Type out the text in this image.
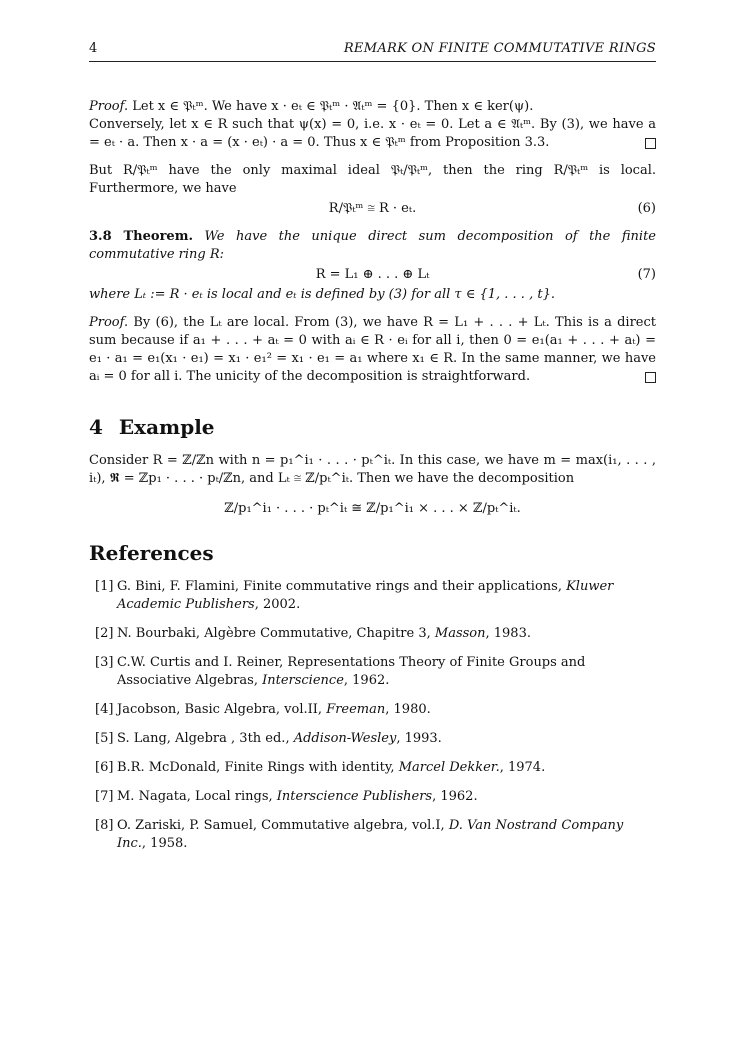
4	REMARK ON FINITE COMMUTATIVE RINGS

Proof. Let x ∈ 𝔓ₜᵐ. We have x · eₜ ∈ 𝔓ₜᵐ · 𝔄ₜᵐ = {0}. Then x ∈ ker(ψ).

Conversely, let x ∈ R such that ψ(x) = 0, i.e. x · eₜ = 0. Let a ∈ 𝔄ₜᵐ. By (3), we have a = eₜ · a. Then x · a = (x · eₜ) · a = 0. Thus x ∈ 𝔓ₜᵐ from Proposition 3.3.

But R/𝔓ₜᵐ have the only maximal ideal 𝔓ₜ/𝔓ₜᵐ, then the ring R/𝔓ₜᵐ is local. Furthermore, we have

R/𝔓ₜᵐ ≅ R · eₜ.	(6)

3.8 Theorem. We have the unique direct sum decomposition of the finite commutative ring R:

R = L₁ ⊕ . . . ⊕ Lₜ	(7)

where Lₜ := R · eₜ is local and eₜ is defined by (3) for all τ ∈ {1, . . . , t}.

Proof. By (6), the Lₜ are local. From (3), we have R = L₁ + . . . + Lₜ. This is a direct sum because if a₁ + . . . + aₜ = 0 with aᵢ ∈ R · eᵢ for all i, then 0 = e₁(a₁ + . . . + aₜ) = e₁ · a₁ = e₁(x₁ · e₁) = x₁ · e₁² = x₁ · e₁ = a₁ where x₁ ∈ R. In the same manner, we have aᵢ = 0 for all i. The unicity of the decomposition is straightforward.

4 Example

Consider R = ℤ/ℤn with n = p₁^i₁ · . . . · pₜ^iₜ. In this case, we have m = max(i₁, . . . , iₜ), 𝕽 = ℤp₁ · . . . · pₜ/ℤn, and Lₜ ≅ ℤ/pₜ^iₜ. Then we have the decomposition

ℤ/p₁^i₁ · . . . · pₜ^iₜ ≅ ℤ/p₁^i₁ × . . . × ℤ/pₜ^iₜ.
References
[1] G. Bini, F. Flamini, Finite commutative rings and their applications, Kluwer Academic Publishers, 2002.
[2] N. Bourbaki, Algèbre Commutative, Chapitre 3, Masson, 1983.
[3] C.W. Curtis and I. Reiner, Representations Theory of Finite Groups and Associative Algebras, Interscience, 1962.
[4] Jacobson, Basic Algebra, vol.II, Freeman, 1980.
[5] S. Lang, Algebra , 3th ed., Addison-Wesley, 1993.
[6] B.R. McDonald, Finite Rings with identity, Marcel Dekker., 1974.
[7] M. Nagata, Local rings, Interscience Publishers, 1962.
[8] O. Zariski, P. Samuel, Commutative algebra, vol.I, D. Van Nostrand Company Inc., 1958.
